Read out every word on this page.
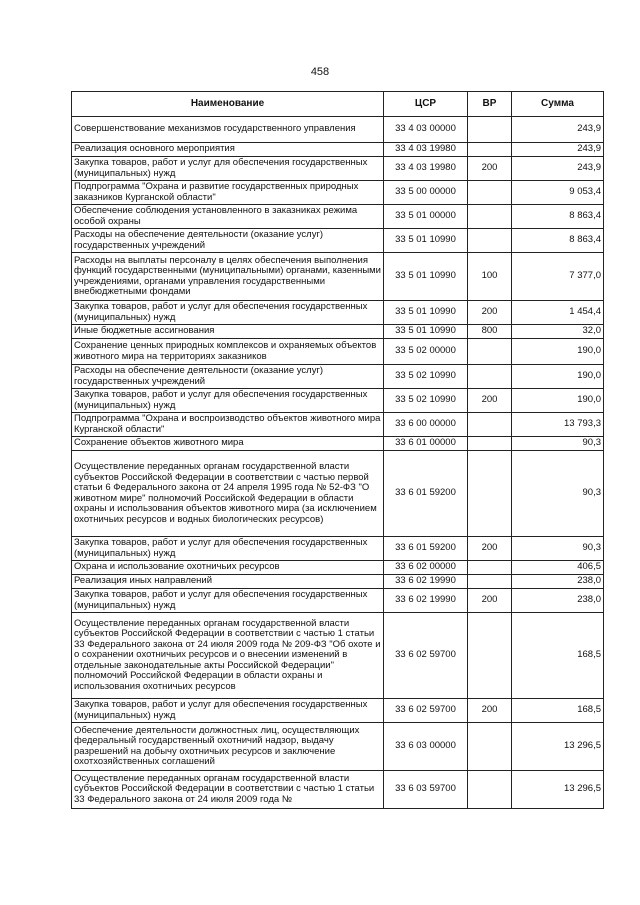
458
Наименование	ЦСР	ВР	Сумма
Совершенствование механизмов государственного управления	33 4 03 00000		243,9
Реализация основного мероприятия	33 4 03 19980		243,9
Закупка товаров, работ и услуг для обеспечения государственных (муниципальных) нужд	33 4 03 19980	200	243,9
Подпрограмма "Охрана и развитие государственных природных заказников Курганской области"	33 5 00 00000		9 053,4
Обеспечение соблюдения установленного в заказниках режима особой охраны	33 5 01 00000		8 863,4
Расходы на обеспечение деятельности (оказание услуг) государственных учреждений	33 5 01 10990		8 863,4
Расходы на выплаты персоналу в целях обеспечения выполнения функций государственными (муниципальными) органами, казенными учреждениями, органами управления государственными внебюджетными фондами	33 5 01 10990	100	7 377,0
Закупка товаров, работ и услуг для обеспечения государственных (муниципальных) нужд	33 5 01 10990	200	1 454,4
Иные бюджетные ассигнования	33 5 01 10990	800	32,0
Сохранение ценных природных комплексов и охраняемых объектов животного мира на территориях заказников	33 5 02 00000		190,0
Расходы на обеспечение деятельности (оказание услуг) государственных учреждений	33 5 02 10990		190,0
Закупка товаров, работ и услуг для обеспечения государственных (муниципальных) нужд	33 5 02 10990	200	190,0
Подпрограмма "Охрана и воспроизводство объектов животного мира Курганской области"	33 6 00 00000		13 793,3
Сохранение объектов животного мира	33 6 01 00000		90,3
Осуществление переданных органам государственной власти субъектов Российской Федерации в соответствии с частью первой статьи 6 Федерального закона от 24 апреля 1995 года № 52-ФЗ "О животном мире" полномочий Российской Федерации в области охраны и использования объектов животного мира (за исключением охотничьих ресурсов и водных биологических ресурсов)	33 6 01 59200		90,3
Закупка товаров, работ и услуг для обеспечения государственных (муниципальных) нужд	33 6 01 59200	200	90,3
Охрана и использование охотничьих ресурсов	33 6 02 00000		406,5
Реализация иных направлений	33 6 02 19990		238,0
Закупка товаров, работ и услуг для обеспечения государственных (муниципальных) нужд	33 6 02 19990	200	238,0
Осуществление переданных органам государственной власти субъектов Российской Федерации в соответствии с частью 1 статьи 33 Федерального закона от 24 июля 2009 года № 209-ФЗ "Об охоте и о сохранении охотничьих ресурсов и о внесении изменений в отдельные законодательные акты Российской Федерации" полномочий Российской Федерации в области охраны и использования охотничьих ресурсов	33 6 02 59700		168,5
Закупка товаров, работ и услуг для обеспечения государственных (муниципальных) нужд	33 6 02 59700	200	168,5
Обеспечение деятельности должностных лиц, осуществляющих федеральный государственный охотничий надзор, выдачу разрешений на добычу охотничьих ресурсов и заключение охотхозяйственных соглашений	33 6 03 00000		13 296,5
Осуществление переданных органам государственной власти субъектов Российской Федерации в соответствии с частью 1 статьи 33 Федерального закона от 24 июля 2009 года №	33 6 03 59700		13 296,5
